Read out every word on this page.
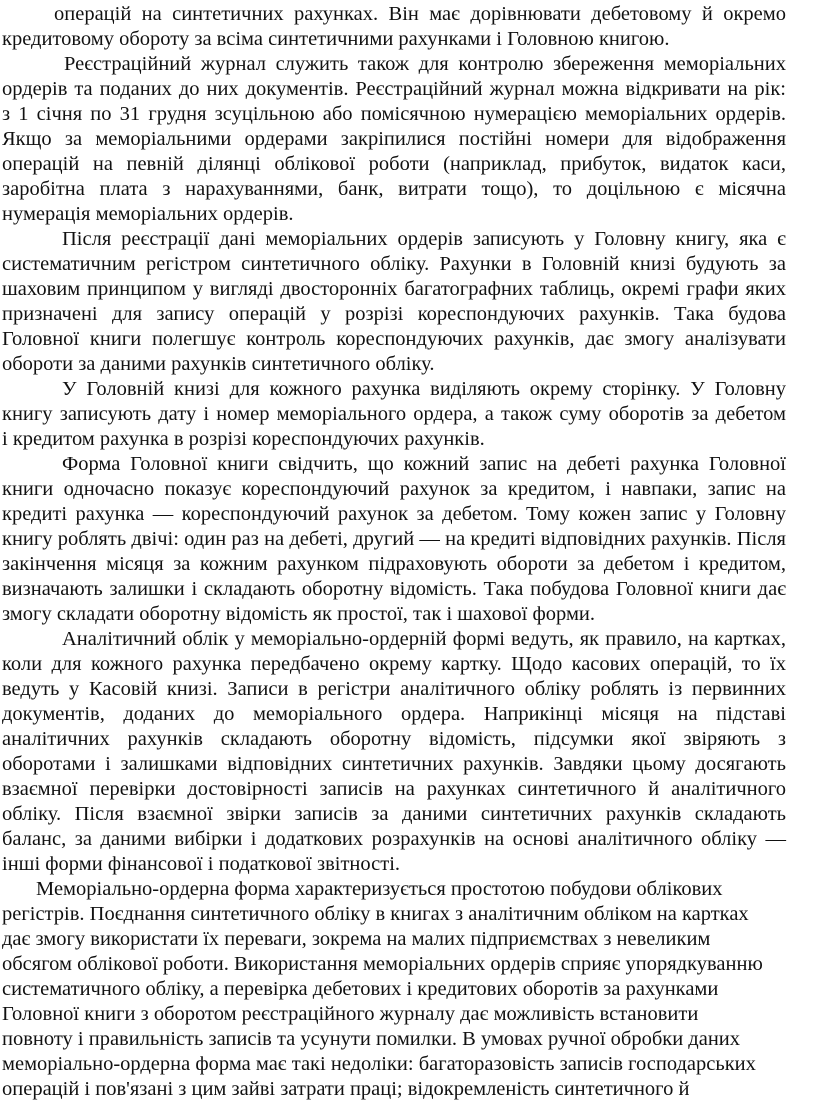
операцій на синтетичних рахунках. Він має дорівнювати дебетовому й окремо
кредитовому обороту за всіма синтетичними рахунками і Головною книгою.
Реєстраційний журнал служить також для контролю збереження меморіальних
ордерів та поданих до них документів. Реєстраційний журнал можна відкривати на рік:
з 1 січня по 31 грудня зсуцільною або помісячною нумерацією меморіальних ордерів.
Якщо за меморіальними ордерами закріпилися постійні номери для відображення
операцій на певній ділянці облікової роботи (наприклад, прибуток, видаток каси,
заробітна плата з нарахуваннями, банк, витрати тощо), то доцільною є місячна
нумерація меморіальних ордерів.
Після реєстрації дані меморіальних ордерів записують у Головну книгу, яка є
систематичним регістром синтетичного обліку. Рахунки в Головній книзі будують за
шаховим принципом у вигляді двосторонніх багатографних таблиць, окремі графи яких
призначені для запису операцій у розрізі кореспондуючих рахунків. Така будова
Головної книги полегшує контроль кореспондуючих рахунків, дає змогу аналізувати
обороти за даними рахунків синтетичного обліку.
У Головній книзі для кожного рахунка виділяють окрему сторінку. У Головну
книгу записують дату і номер меморіального ордера, а також суму оборотів за дебетом
і кредитом рахунка в розрізі кореспондуючих рахунків.
Форма Головної книги свідчить, що кожний запис на дебеті рахунка Головної
книги одночасно показує кореспондуючий рахунок за кредитом, і навпаки, запис на
кредиті рахунка — кореспондуючий рахунок за дебетом. Тому кожен запис у Головну
книгу роблять двічі: один раз на дебеті, другий — на кредиті відповідних рахунків. Після
закінчення місяця за кожним рахунком підраховують обороти за дебетом і кредитом,
визначають залишки і складають оборотну відомість. Така побудова Головної книги дає
змогу складати оборотну відомість як простої, так і шахової форми.
Аналітичний облік у меморіально-ордерній формі ведуть, як правило, на картках,
коли для кожного рахунка передбачено окрему картку. Щодо касових операцій, то їх
ведуть у Касовій книзі. Записи в регістри аналітичного обліку роблять із первинних
документів, доданих до меморіального ордера. Наприкінці місяця на підставі
аналітичних рахунків складають оборотну відомість, підсумки якої звіряють з
оборотами і залишками відповідних синтетичних рахунків. Завдяки цьому досягають
взаємної перевірки достовірності записів на рахунках синтетичного й аналітичного
обліку. Після взаємної звірки записів за даними синтетичних рахунків складають
баланс, за даними вибірки і додаткових розрахунків на основі аналітичного обліку —
інші форми фінансової і податкової звітності.
Меморіально-ордерна форма характеризується простотою побудови облікових
регістрів. Поєднання синтетичного обліку в книгах з аналітичним обліком на картках
дає змогу використати їх переваги, зокрема на малих підприємствах з невеликим
обсягом облікової роботи. Використання меморіальних ордерів сприяє упорядкуванню
систематичного обліку, а перевірка дебетових і кредитових оборотів за рахунками
Головної книги з оборотом реєстраційного журналу дає можливість встановити
повноту і правильність записів та усунути помилки. В умовах ручної обробки даних
меморіально-ордерна форма має такі недоліки: багаторазовість записів господарських
операцій і пов'язані з цим зайві затрати праці; відокремленість синтетичного й
